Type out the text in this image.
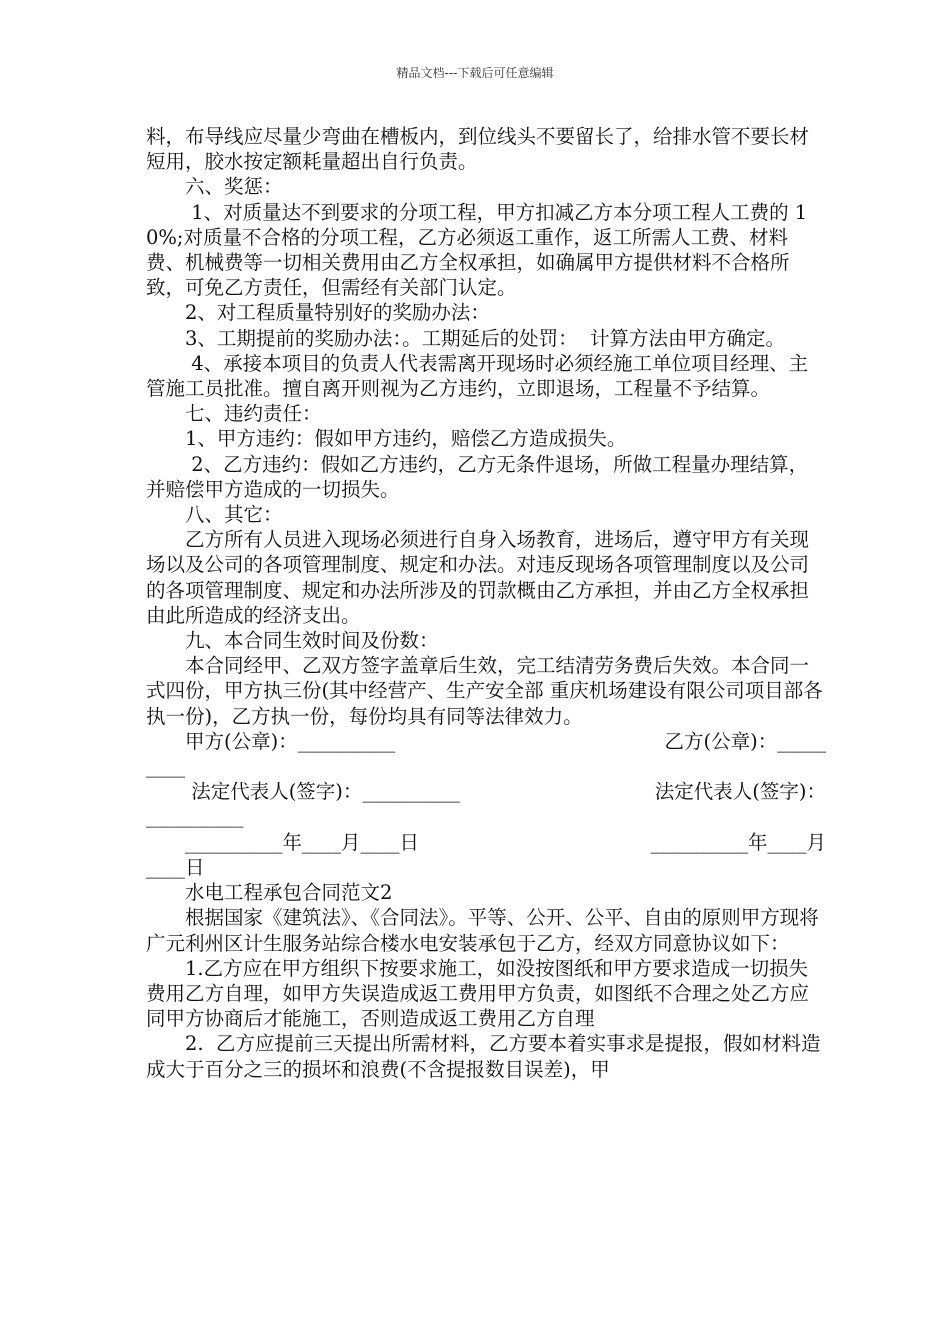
精品文档---下载后可任意编辑

料，布导线应尽量少弯曲在槽板内，到位线头不要留长了，给排水管不要长材短用，胶水按定额耗量超出自行负责。

　　六、奖惩：

　　 1、对质量达不到要求的分项工程，甲方扣减乙方本分项工程人工费的 10%;对质量不合格的分项工程，乙方必须返工重作，返工所需人工费、材料费、机械费等一切相关费用由乙方全权承担，如确属甲方提供材料不合格所致，可免乙方责任，但需经有关部门认定。

　　2、对工程质量特别好的奖励办法：

　　3、工期提前的奖励办法：。工期延后的处罚：  计算方法由甲方确定。

　　 4、承接本项目的负责人代表需离开现场时必须经施工单位项目经理、主管施工员批准。擅自离开则视为乙方违约，立即退场，工程量不予结算。

　　七、违约责任：

　　1、甲方违约：假如甲方违约，赔偿乙方造成损失。

　　 2、乙方违约：假如乙方违约，乙方无条件退场，所做工程量办理结算，并赔偿甲方造成的一切损失。

　　八、其它：

　　乙方所有人员进入现场必须进行自身入场教育，进场后，遵守甲方有关现场以及公司的各项管理制度、规定和办法。对违反现场各项管理制度以及公司的各项管理制度、规定和办法所涉及的罚款概由乙方承担，并由乙方全权承担由此所造成的经济支出。

　　九、本合同生效时间及份数：

　　本合同经甲、乙双方签字盖章后生效，完工结清劳务费后失效。本合同一式四份，甲方执三份(其中经营产、生产安全部 重庆机场建设有限公司项目部各执一份)，乙方执一份，每份均具有同等法律效力。

　　甲方(公章)：__________	乙方(公章)：_____

____

　　 法定代表人(签字)：__________	法定代表人(签字)：

__________

　　__________年____月____日	__________年____月

____日

　　水电工程承包合同范文2

　　根据国家《建筑法》、《合同法》。平等、公开、公平、自由的原则甲方现将广元利州区计生服务站综合楼水电安装承包于乙方，经双方同意协议如下：

　　1.乙方应在甲方组织下按要求施工，如没按图纸和甲方要求造成一切损失费用乙方自理，如甲方失误造成返工费用甲方负责，如图纸不合理之处乙方应同甲方协商后才能施工，否则造成返工费用乙方自理

　　2.  乙方应提前三天提出所需材料，乙方要本着实事求是提报，假如材料造成大于百分之三的损坏和浪费(不含提报数目误差)，甲
